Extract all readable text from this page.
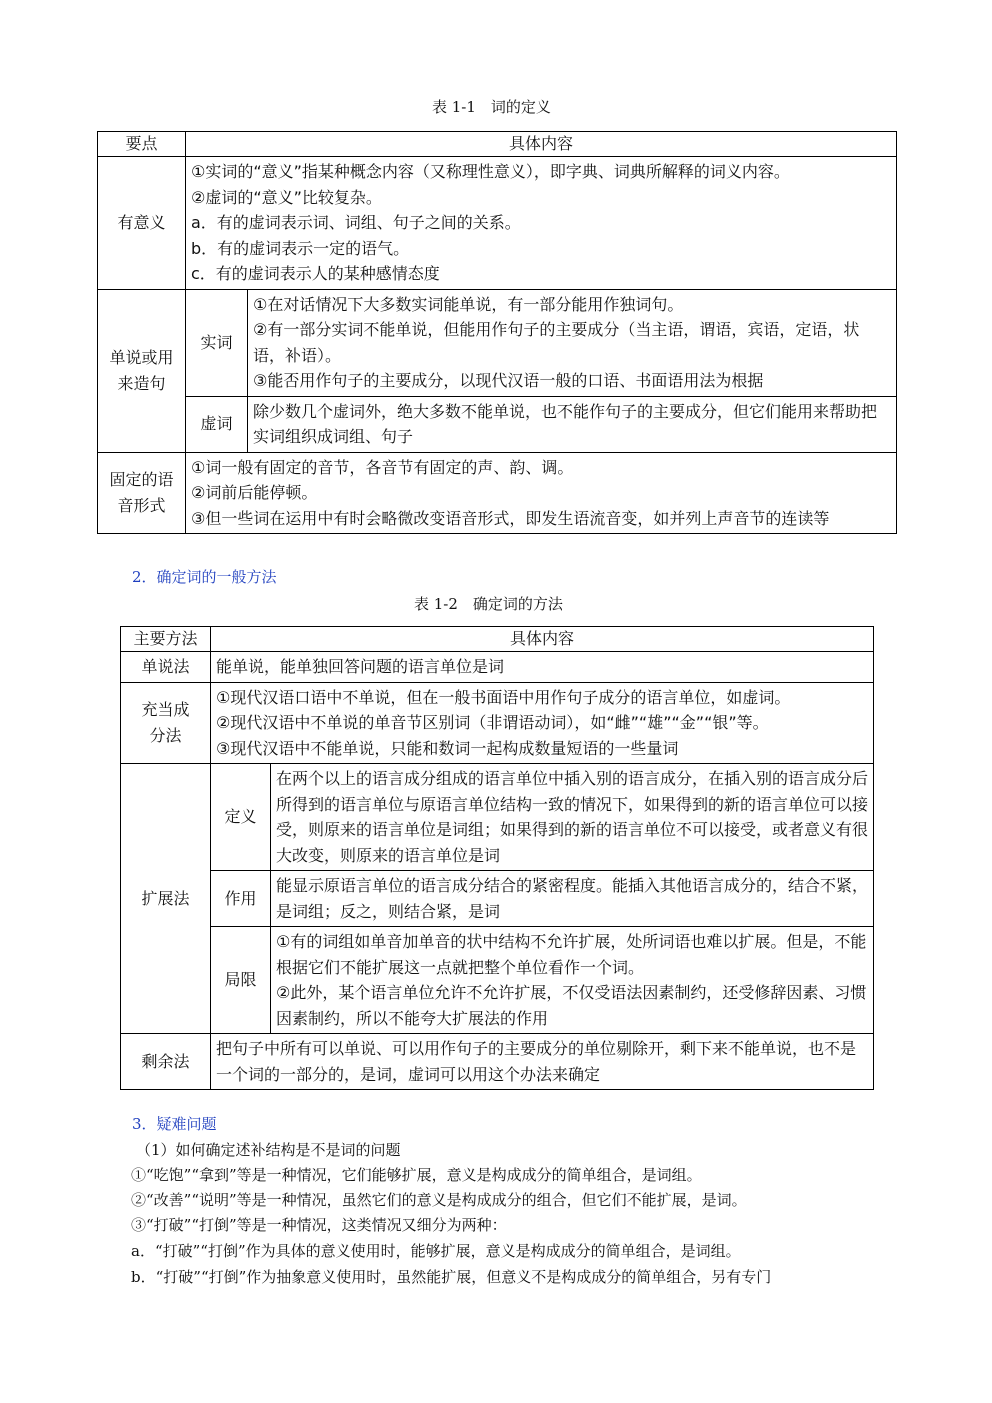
表 1-1　词的定义
要点	具体内容	
有意义	①实词的“意义”指某种概念内容（又称理性意义），即字典、词典所解释的词义内容。
②虚词的“意义”比较复杂。
a．有的虚词表示词、词组、句子之间的关系。
b．有的虚词表示一定的语气。
c．有的虚词表示人的某种感情态度	

单说或用来造句	实词	①在对话情况下大多数实词能单说，有一部分能用作独词句。
②有一部分实词不能单说，但能用作句子的主要成分（当主语，谓语，宾语，定语，状语，补语）。
③能否用作句子的主要成分，以现代汉语一般的口语、书面语用法为根据

	虚词	除少数几个虚词外，绝大多数不能单说，也不能作句子的主要成分，但它们能用来帮助把实词组织成词组、句子
固定的语音形式	①词一般有固定的音节，各音节有固定的声、韵、调。
②词前后能停顿。
③但一些词在运用中有时会略微改变语音形式，即发生语流音变，如并列上声音节的连读等	
2．确定词的一般方法
表 1-2　确定词的方法
主要方法	具体内容	
单说法	能单说，能单独回答问题的语言单位是词	
充当成分法	①现代汉语口语中不单说，但在一般书面语中用作句子成分的语言单位，如虚词。
②现代汉语中不单说的单音节区别词（非谓语动词），如“雌”“雄”“金”“银”等。
③现代汉语中不能单说，只能和数词一起构成数量短语的一些量词	

扩展法	定义	在两个以上的语言成分组成的语言单位中插入别的语言成分，在插入别的语言成分后所得到的语言单位与原语言单位结构一致的情况下，如果得到的新的语言单位可以接受，则原来的语言单位是词组；如果得到的新的语言单位不可以接受，或者意义有很大改变，则原来的语言单位是词
	作用	能显示原语言单位的语言成分结合的紧密程度。能插入其他语言成分的，结合不紧，是词组；反之，则结合紧，是词
	局限	①有的词组如单音加单音的状中结构不允许扩展，处所词语也难以扩展。但是，不能根据它们不能扩展这一点就把整个单位看作一个词。
②此外，某个语言单位允许不允许扩展，不仅受语法因素制约，还受修辞因素、习惯因素制约，所以不能夸大扩展法的作用

剩余法	把句子中所有可以单说、可以用作句子的主要成分的单位剔除开，剩下来不能单说，也不是一个词的一部分的，是词，虚词可以用这个办法来确定	
3．疑难问题
（1）如何确定述补结构是不是词的问题
①“吃饱”“拿到”等是一种情况，它们能够扩展，意义是构成成分的简单组合，是词组。
②“改善”“说明”等是一种情况，虽然它们的意义是构成成分的组合，但它们不能扩展，是词。
③“打破”“打倒”等是一种情况，这类情况又细分为两种：
a．“打破”“打倒”作为具体的意义使用时，能够扩展，意义是构成成分的简单组合，是词组。
b．“打破”“打倒”作为抽象意义使用时，虽然能扩展，但意义不是构成成分的简单组合，另有专门
